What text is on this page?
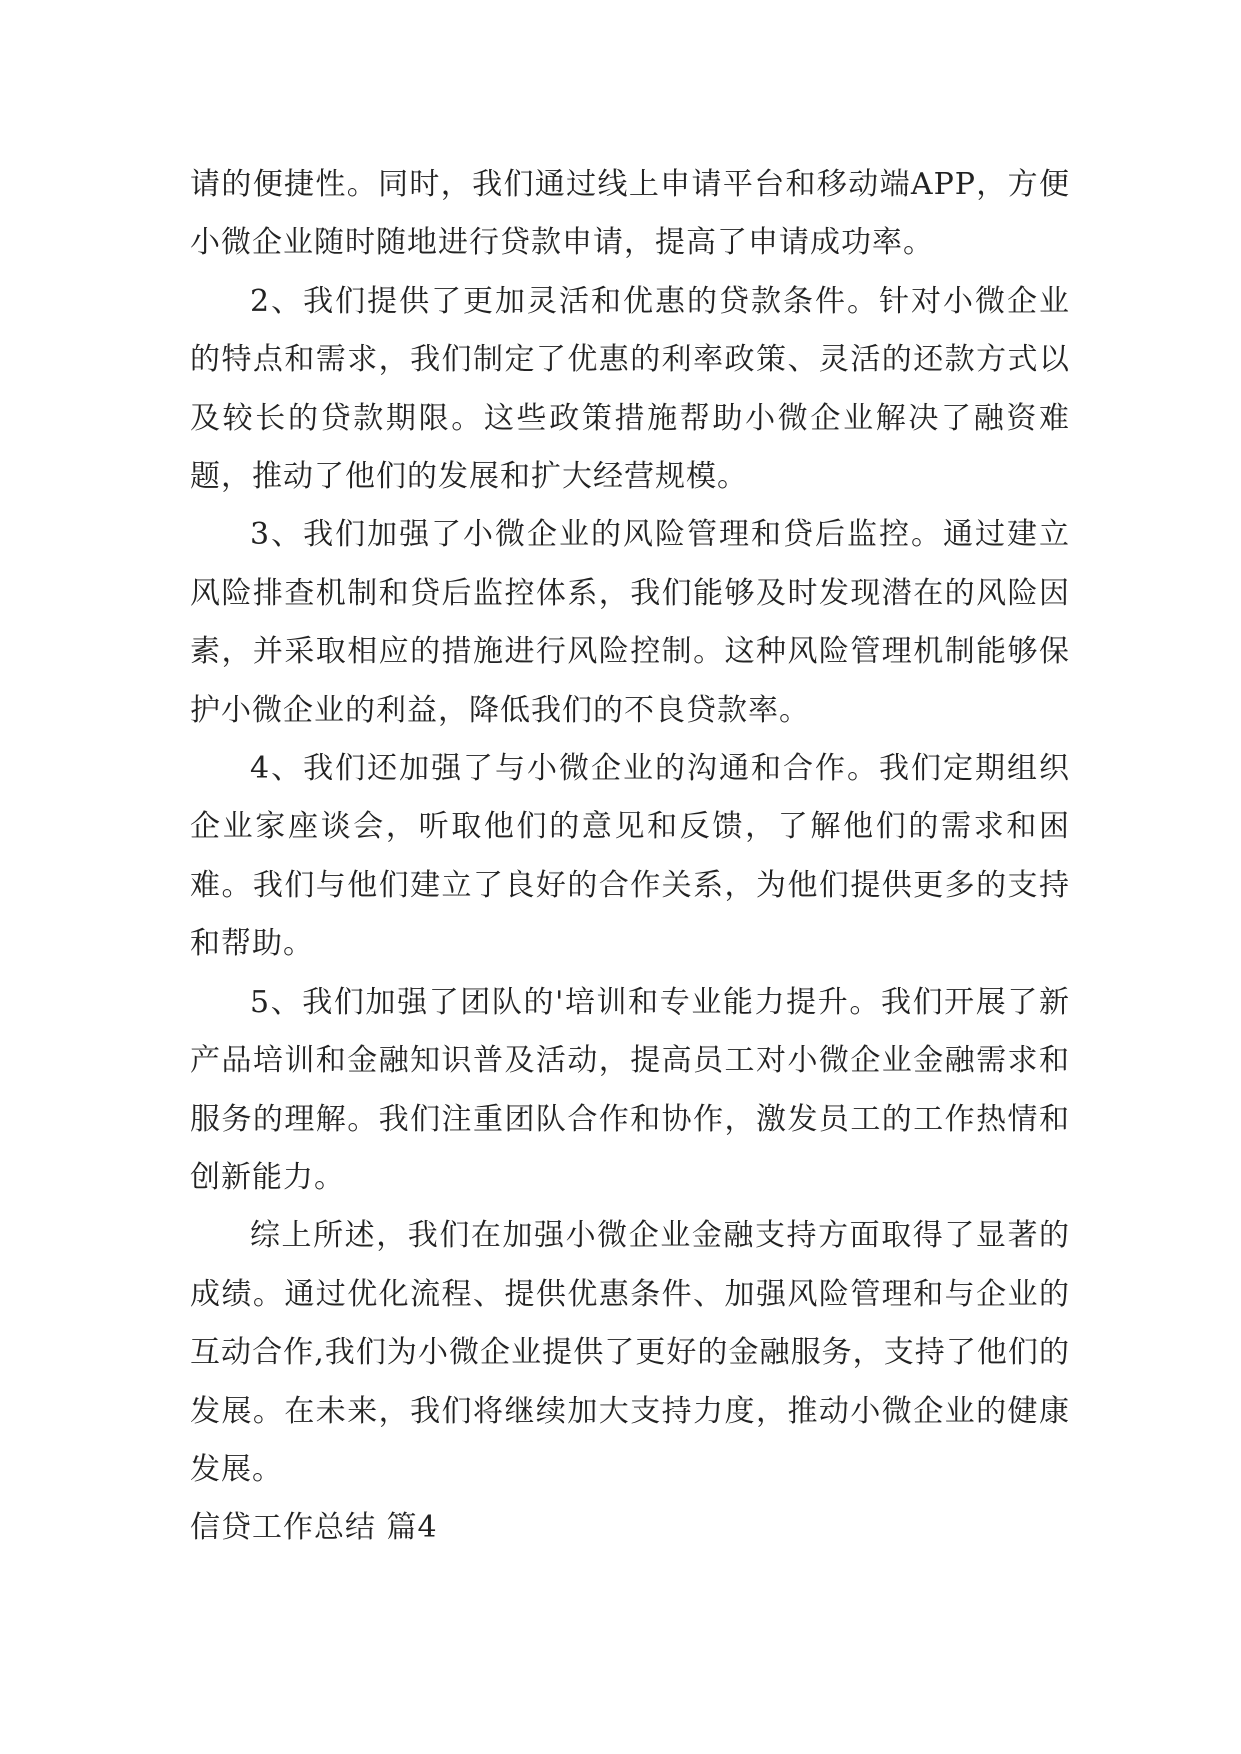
请的便捷性。同时，我们通过线上申请平台和移动端APP，方便小微企业随时随地进行贷款申请，提高了申请成功率。

2、我们提供了更加灵活和优惠的贷款条件。针对小微企业的特点和需求，我们制定了优惠的利率政策、灵活的还款方式以及较长的贷款期限。这些政策措施帮助小微企业解决了融资难题，推动了他们的发展和扩大经营规模。

3、我们加强了小微企业的风险管理和贷后监控。通过建立风险排查机制和贷后监控体系，我们能够及时发现潜在的风险因素，并采取相应的措施进行风险控制。这种风险管理机制能够保护小微企业的利益，降低我们的不良贷款率。

4、我们还加强了与小微企业的沟通和合作。我们定期组织企业家座谈会，听取他们的意见和反馈，了解他们的需求和困难。我们与他们建立了良好的合作关系，为他们提供更多的支持和帮助。

5、我们加强了团队的'培训和专业能力提升。我们开展了新产品培训和金融知识普及活动，提高员工对小微企业金融需求和服务的理解。我们注重团队合作和协作，激发员工的工作热情和创新能力。

综上所述，我们在加强小微企业金融支持方面取得了显著的成绩。通过优化流程、提供优惠条件、加强风险管理和与企业的互动合作,我们为小微企业提供了更好的金融服务，支持了他们的发展。在未来，我们将继续加大支持力度，推动小微企业的健康发展。

信贷工作总结 篇4
